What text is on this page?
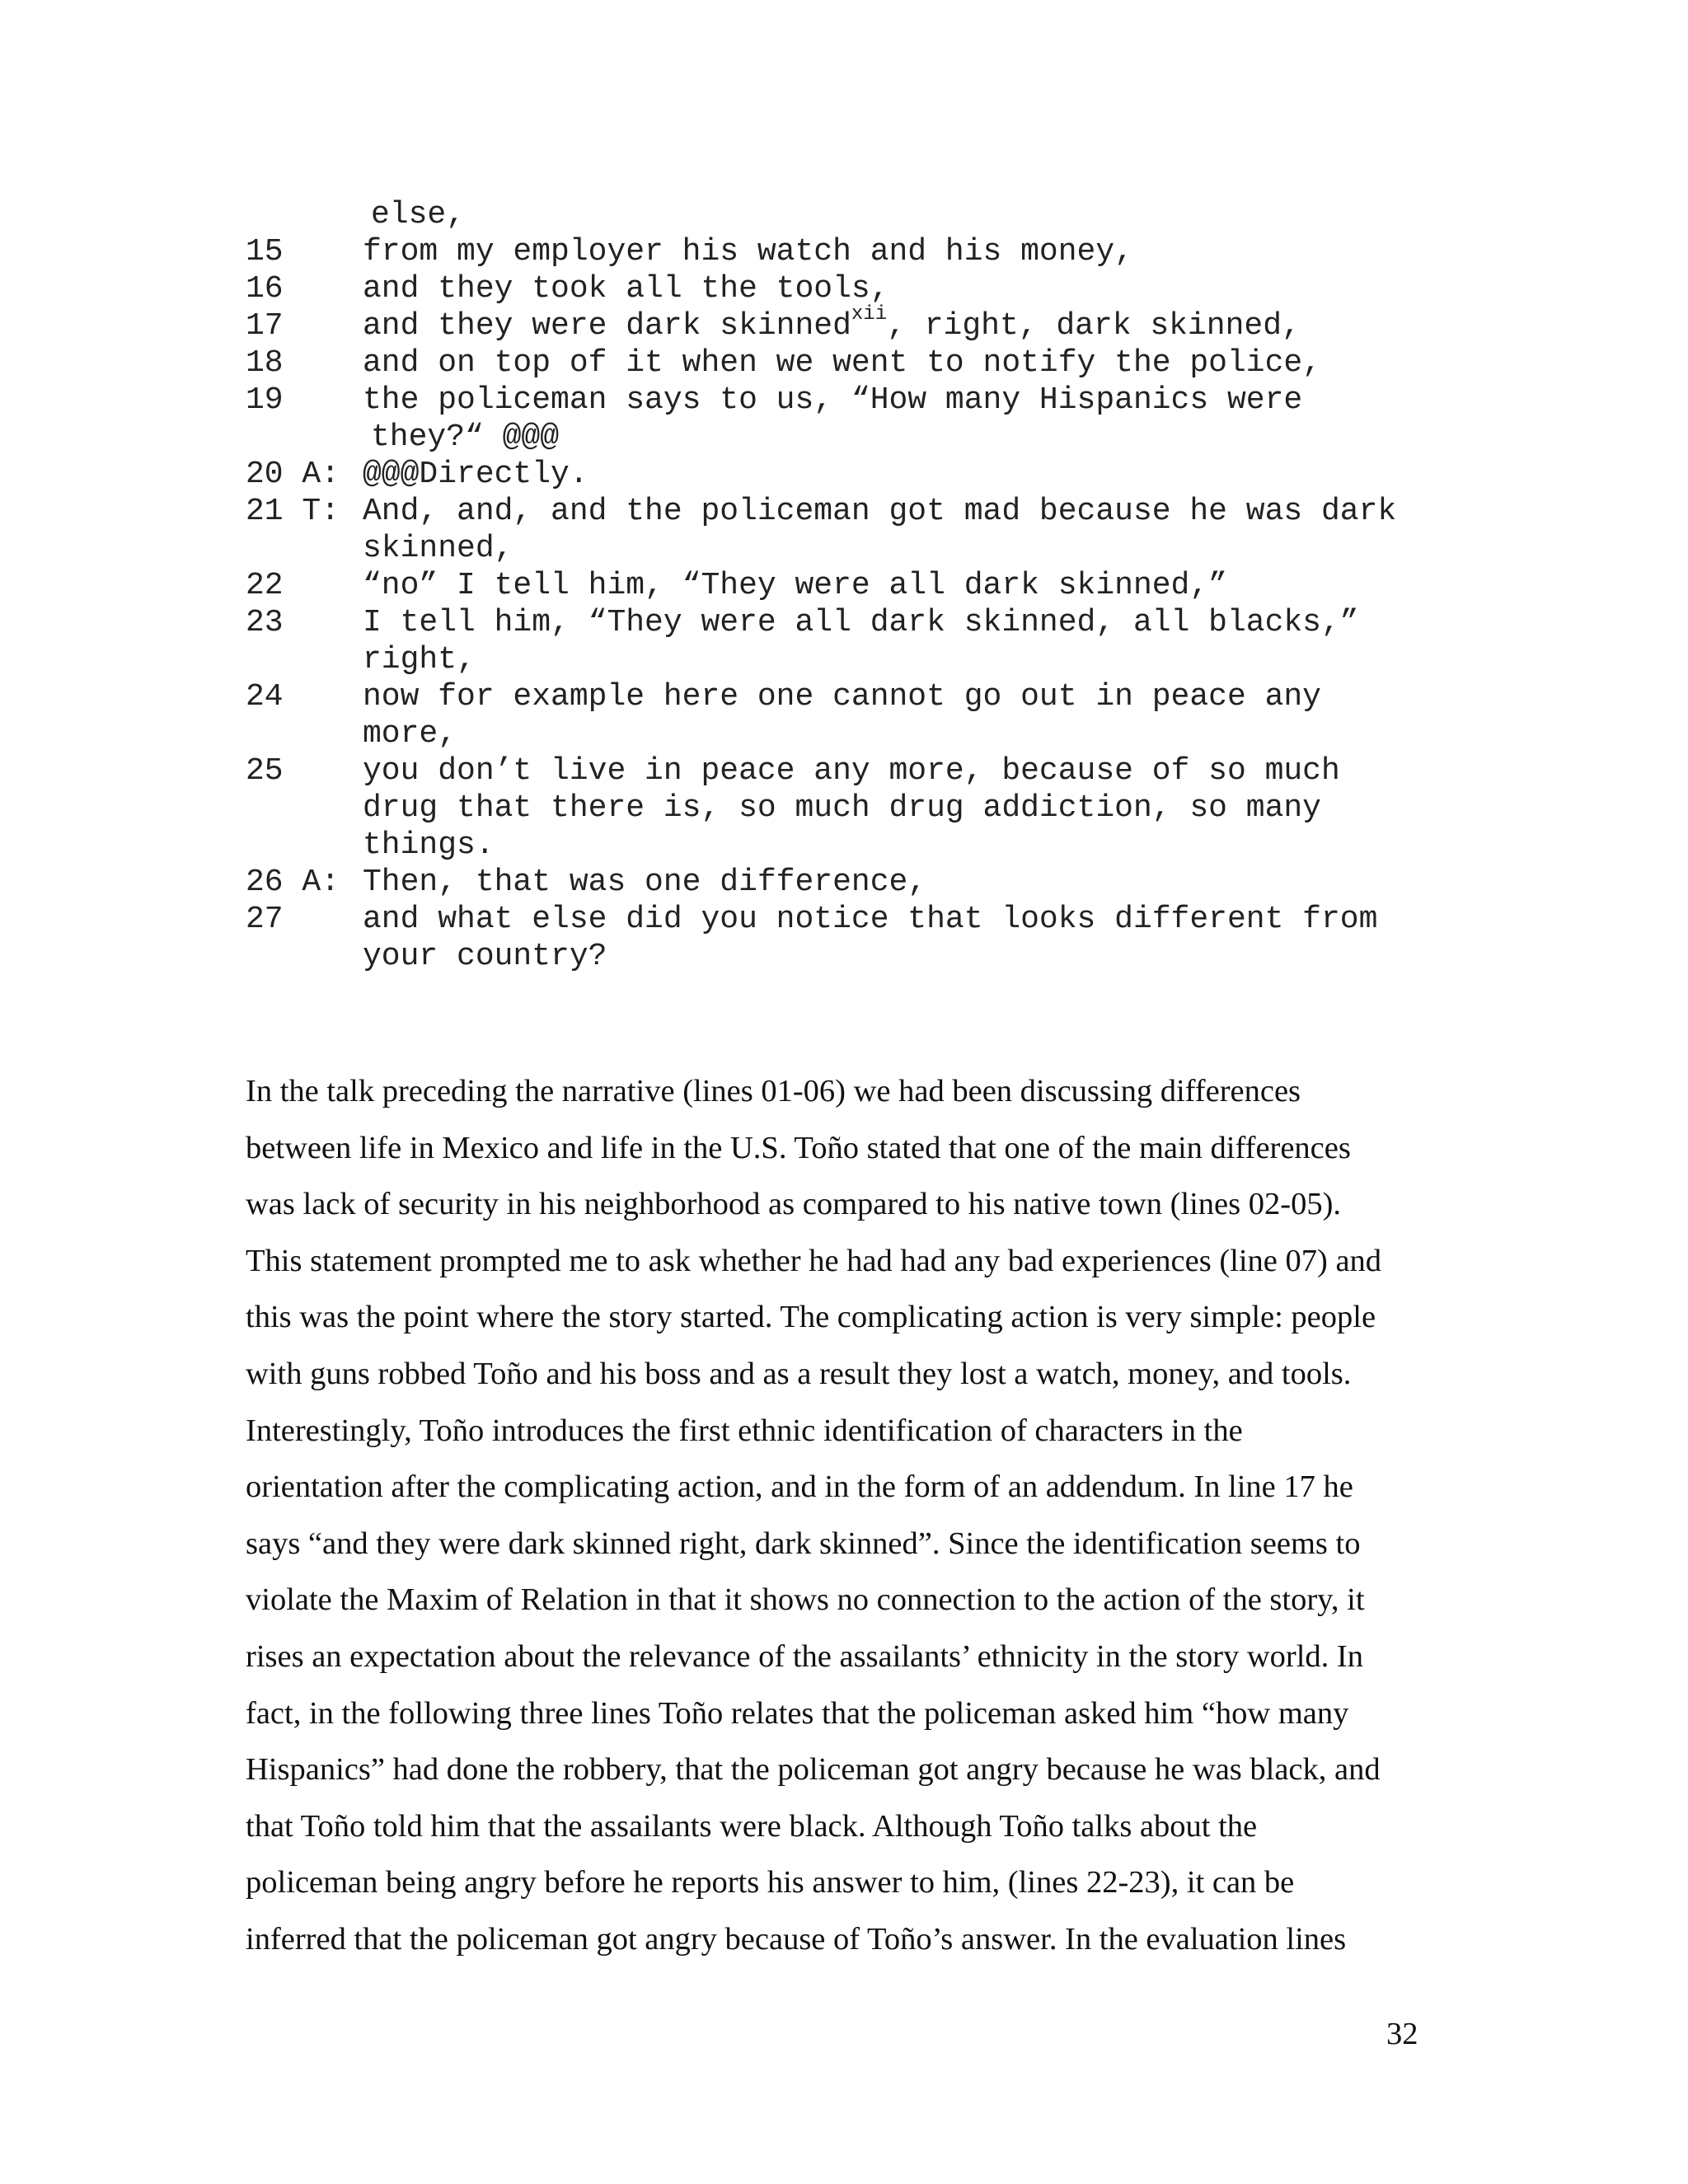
else,
15	from my employer his watch and his money,
16	and they took all the tools,
17	and they were dark skinned$^{xii}$, right, dark skinned,
18	and on top of it when we went to notify the police,
19	the policeman says to us, “How many Hispanics were
they?“ @@@
20 A: @@@Directly.
21 T: And, and, and the policeman got mad because he was dark
skinned,
22	“no” I tell him, “They were all dark skinned,”
23	I tell him, “They were all dark skinned, all blacks,”
right,
24	now for example here one cannot go out in peace any
more,
25	you don’t live in peace any more, because of so much
drug that there is, so much drug addiction, so many
things.
26 A: Then, that was one difference,
27	and what else did you notice that looks different from
your country?
In the talk preceding the narrative (lines 01-06) we had been discussing differences
between life in Mexico and life in the U.S. Toño stated that one of the main differences
was lack of security in his neighborhood as compared to his native town (lines 02-05).
This statement prompted me to ask whether he had had any bad experiences (line 07) and
this was the point where the story started. The complicating action is very simple: people
with guns robbed Toño and his boss and as a result they lost a watch, money, and tools.
Interestingly, Toño introduces the first ethnic identification of characters in the
orientation after the complicating action, and in the form of an addendum. In line 17 he
says “and they were dark skinned right, dark skinned”. Since the identification seems to
violate the Maxim of Relation in that it shows no connection to the action of the story, it
rises an expectation about the relevance of the assailants’ ethnicity in the story world. In
fact, in the following three lines Toño relates that the policeman asked him “how many
Hispanics” had done the robbery, that the policeman got angry because he was black, and
that Toño told him that the assailants were black. Although Toño talks about the
policeman being angry before he reports his answer to him, (lines 22-23), it can be
inferred that the policeman got angry because of Toño’s answer. In the evaluation lines
32
